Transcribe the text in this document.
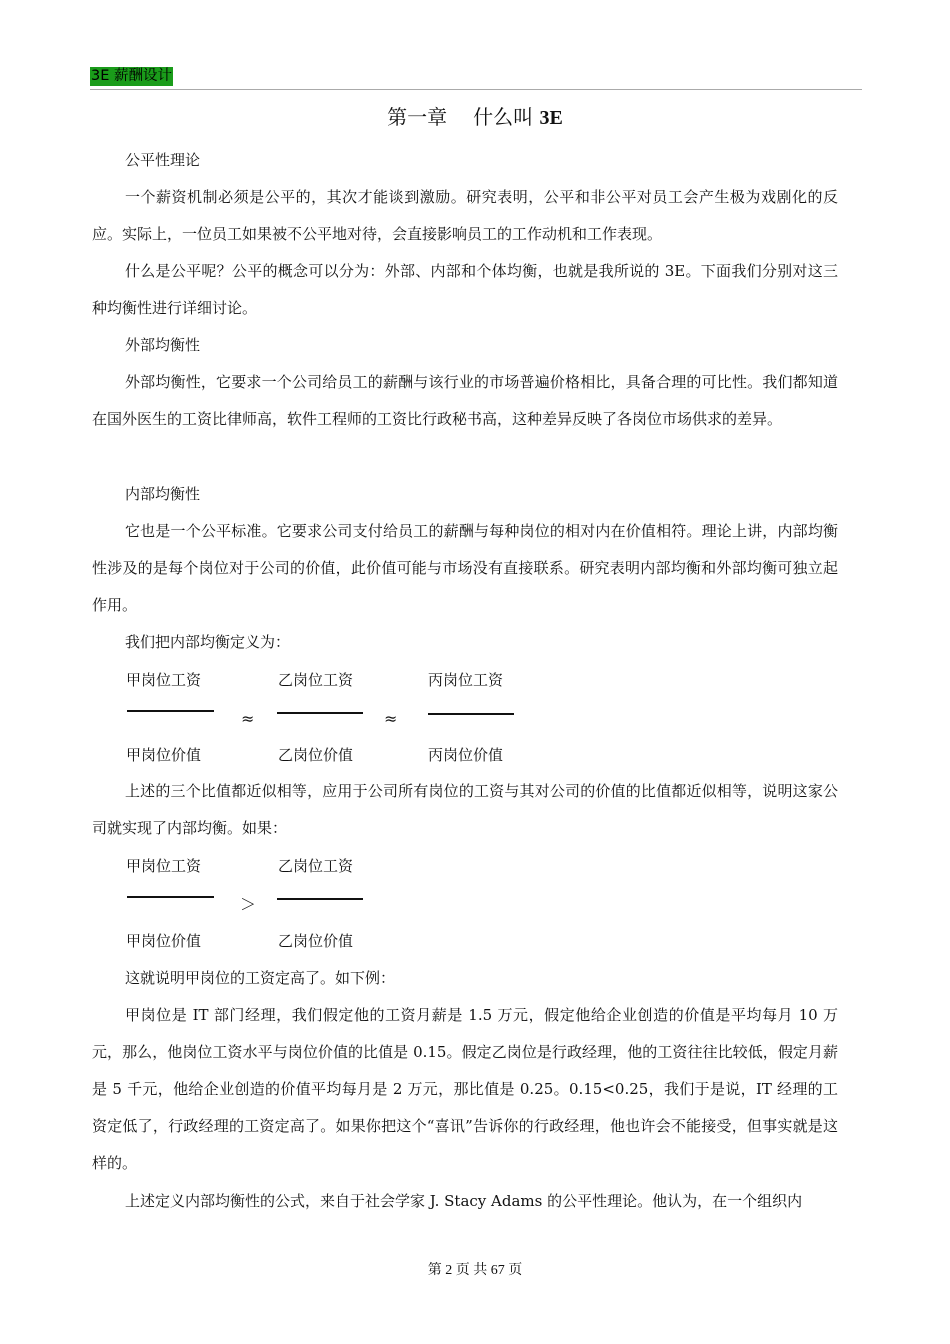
3E 薪酬设计
第一章 什么叫 3E

公平性理论

一个薪资机制必须是公平的，其次才能谈到激励。研究表明，公平和非公平对员工会产生极为戏剧化的反应。实际上，一位员工如果被不公平地对待，会直接影响员工的工作动机和工作表现。

什么是公平呢？公平的概念可以分为：外部、内部和个体均衡，也就是我所说的 3E。下面我们分别对这三种均衡性进行详细讨论。

外部均衡性

外部均衡性，它要求一个公司给员工的薪酬与该行业的市场普遍价格相比，具备合理的可比性。我们都知道在国外医生的工资比律师高，软件工程师的工资比行政秘书高，这种差异反映了各岗位市场供求的差异。

内部均衡性

它也是一个公平标准。它要求公司支付给员工的薪酬与每种岗位的相对内在价值相符。理论上讲，内部均衡性涉及的是每个岗位对于公司的价值，此价值可能与市场没有直接联系。研究表明内部均衡和外部均衡可独立起作用。

我们把内部均衡定义为：

甲岗位工资	乙岗位工资	丙岗位工资
≈	≈
甲岗位价值	乙岗位价值	丙岗位价值

上述的三个比值都近似相等，应用于公司所有岗位的工资与其对公司的价值的比值都近似相等，说明这家公司就实现了内部均衡。如果：

甲岗位工资	乙岗位工资
＞
甲岗位价值	乙岗位价值

这就说明甲岗位的工资定高了。如下例：

甲岗位是 IT 部门经理，我们假定他的工资月薪是 1.5 万元，假定他给企业创造的价值是平均每月 10 万元，那么，他岗位工资水平与岗位价值的比值是 0.15。假定乙岗位是行政经理，他的工资往往比较低，假定月薪是 5 千元，他给企业创造的价值平均每月是 2 万元，那比值是 0.25。0.15<0.25，我们于是说，IT 经理的工资定低了，行政经理的工资定高了。如果你把这个“喜讯”告诉你的行政经理，他也许会不能接受，但事实就是这样的。

上述定义内部均衡性的公式，来自于社会学家 J. Stacy Adams 的公平性理论。他认为，在一个组织内

第 2 页 共 67 页
